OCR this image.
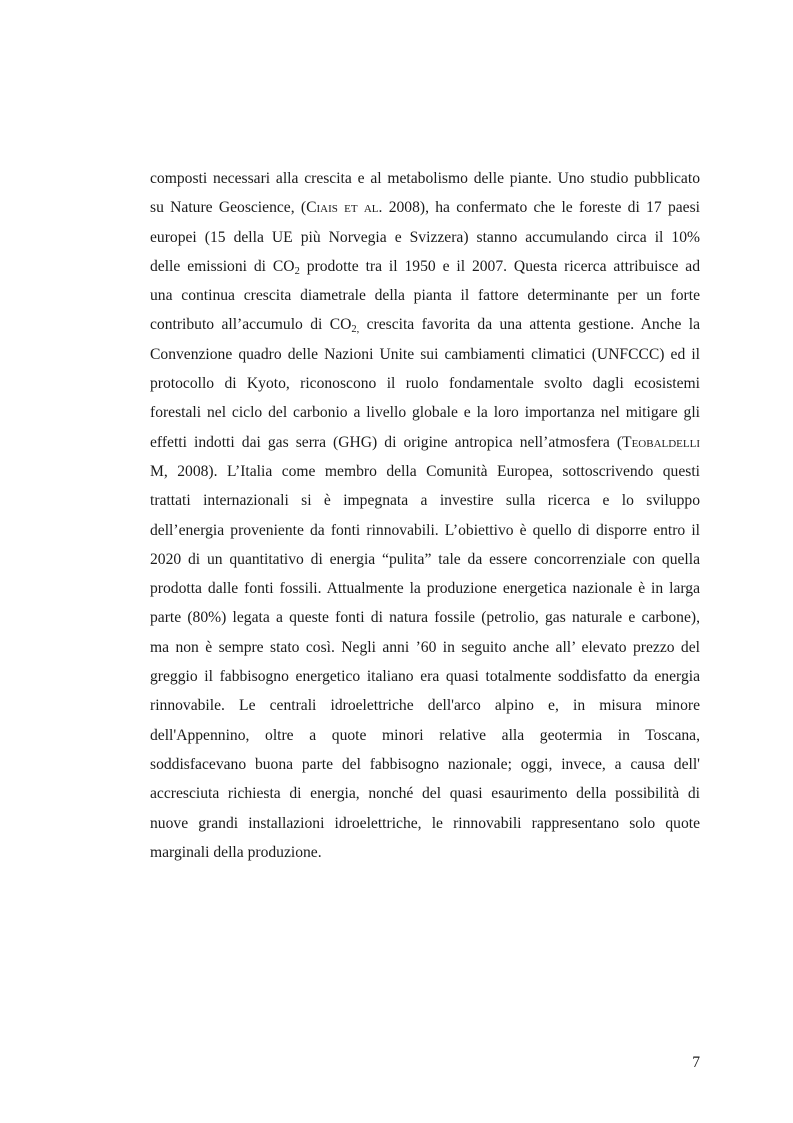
composti necessari alla crescita e al metabolismo delle piante. Uno studio pubblicato
su Nature Geoscience, (Ciais et al. 2008), ha confermato che le foreste di 17 paesi
europei (15 della UE più Norvegia e Svizzera) stanno accumulando circa il 10%
delle emissioni di $CO_2$ prodotte tra il 1950 e il 2007. Questa ricerca attribuisce ad
una continua crescita diametrale della pianta il fattore determinante per un forte
contributo all’accumulo di $CO_{2,}$ crescita favorita da una attenta gestione. Anche la
Convenzione quadro delle Nazioni Unite sui cambiamenti climatici (UNFCCC) ed il
protocollo di Kyoto, riconoscono il ruolo fondamentale svolto dagli ecosistemi
forestali nel ciclo del carbonio a livello globale e la loro importanza nel mitigare gli
effetti indotti dai gas serra (GHG) di origine antropica nell’atmosfera (Teobaldelli
M, 2008). L’Italia come membro della Comunità Europea, sottoscrivendo questi
trattati internazionali si è impegnata a investire sulla ricerca e lo sviluppo
dell’energia proveniente da fonti rinnovabili. L’obiettivo è quello di disporre entro il
2020 di un quantitativo di energia “pulita” tale da essere concorrenziale con quella
prodotta dalle fonti fossili. Attualmente la produzione energetica nazionale è in larga
parte (80%) legata a queste fonti di natura fossile (petrolio, gas naturale e carbone),
ma non è sempre stato così. Negli anni ’60 in seguito anche all’ elevato prezzo del
greggio il fabbisogno energetico italiano era quasi totalmente soddisfatto da energia
rinnovabile. Le centrali idroelettriche dell'arco alpino e, in misura minore
dell'Appennino, oltre a quote minori relative alla geotermia in Toscana,
soddisfacevano buona parte del fabbisogno nazionale; oggi, invece, a causa dell'
accresciuta richiesta di energia, nonché del quasi esaurimento della possibilità di
nuove grandi installazioni idroelettriche, le rinnovabili rappresentano solo quote
marginali della produzione.

7
